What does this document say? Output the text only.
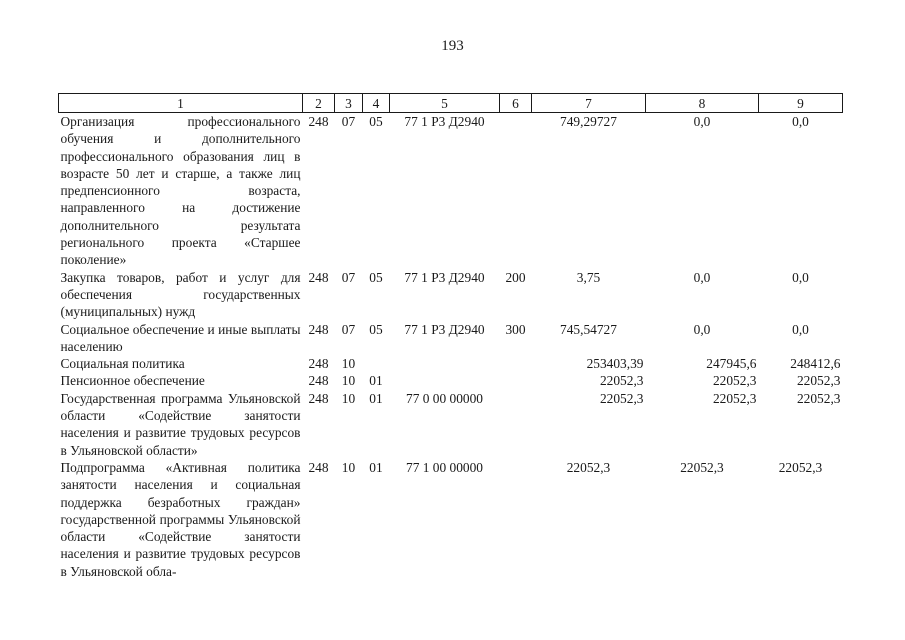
193
1	2	3	4	5	6	7	8	9
Организация профессионального обучения и дополнительного профессионального образования лиц в возрасте 50 лет и старше, а также лиц предпенсионного возраста, направленного на достижение дополнительного результата регионального проекта «Старшее поколение»	248	07	05	77 1 Р3 Д2940		749,29727	0,0	0,0
Закупка товаров, работ и услуг для обеспечения государственных (муниципальных) нужд	248	07	05	77 1 Р3 Д2940	200	3,75	0,0	0,0
Социальное обеспечение и иные выплаты населению	248	07	05	77 1 Р3 Д2940	300	745,54727	0,0	0,0
Социальная политика	248	10				253403,39	247945,6	248412,6
Пенсионное обеспечение	248	10	01			22052,3	22052,3	22052,3
Государственная программа Ульяновской области «Содействие занятости населения и развитие трудовых ресурсов в Ульяновской области»	248	10	01	77 0 00 00000		22052,3	22052,3	22052,3
Подпрограмма «Активная политика занятости населения и социальная поддержка безработных граждан» государственной программы Ульяновской области «Содействие занятости населения и развитие трудовых ресурсов в Ульяновской обла-	248	10	01	77 1 00 00000		22052,3	22052,3	22052,3
